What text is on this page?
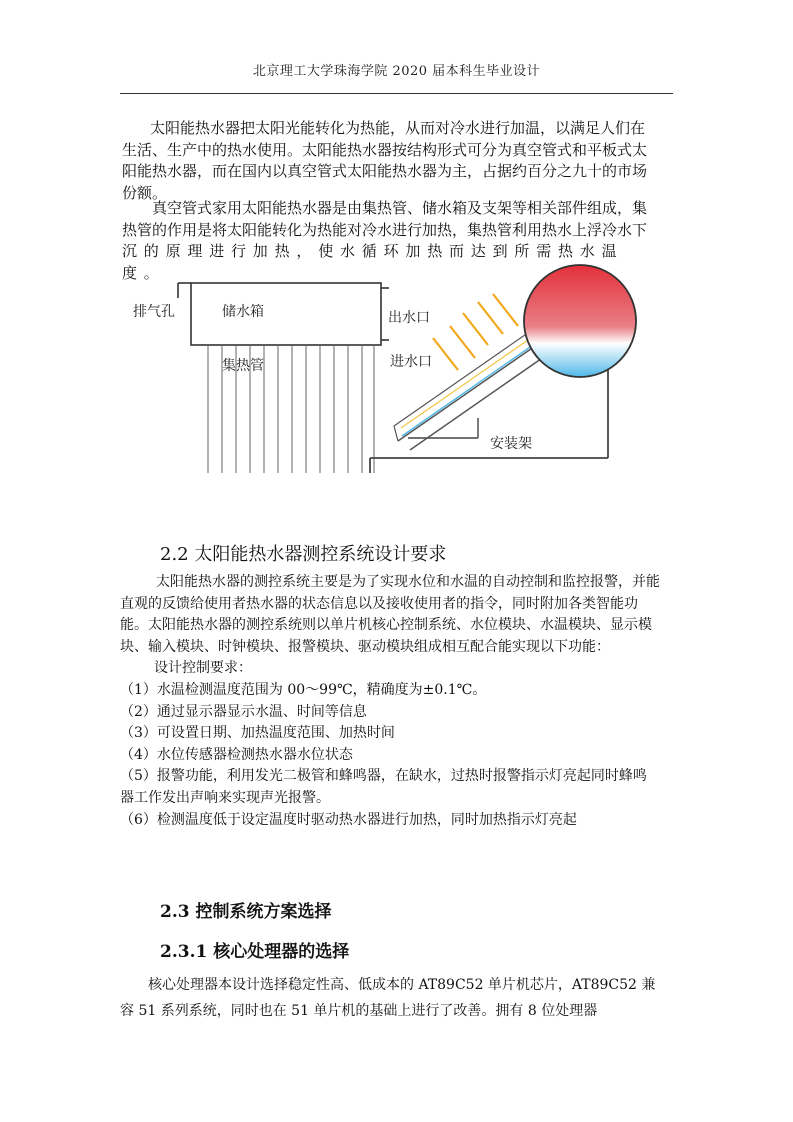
北京理工大学珠海学院 2020 届本科生毕业设计
太阳能热水器把太阳光能转化为热能，从而对冷水进行加温，以满足人们在生活、生产中的热水使用。太阳能热水器按结构形式可分为真空管式和平板式太阳能热水器，而在国内以真空管式太阳能热水器为主，占据约百分之九十的市场份额。
真空管式家用太阳能热水器是由集热管、储水箱及支架等相关部件组成，集热管的作用是将太阳能转化为热能对冷水进行加热，集热管利用热水上浮冷水下
沉的原理进行加热，使水循环加热而达到所需热水温度。
排气孔	储水箱
集热管
出水口
进水口
安装架
2.2 太阳能热水器测控系统设计要求

太阳能热水器的测控系统主要是为了实现水位和水温的自动控制和监控报警，并能直观的反馈给使用者热水器的状态信息以及接收使用者的指令，同时附加各类智能功能。太阳能热水器的测控系统则以单片机核心控制系统、水位模块、水温模块、显示模块、输入模块、时钟模块、报警模块、驱动模块组成相互配合能实现以下功能：

设计控制要求：

（1）水温检测温度范围为 00～99℃，精确度为±0.1℃。

（2）通过显示器显示水温、时间等信息

（3）可设置日期、加热温度范围、加热时间

（4）水位传感器检测热水器水位状态

（5）报警功能，利用发光二极管和蜂鸣器，在缺水，过热时报警指示灯亮起同时蜂鸣器工作发出声响来实现声光报警。

（6）检测温度低于设定温度时驱动热水器进行加热，同时加热指示灯亮起

2.3 控制系统方案选择
2.3.1 核心处理器的选择

核心处理器本设计选择稳定性高、低成本的 AT89C52 单片机芯片，AT89C52 兼容 51 系列系统，同时也在 51 单片机的基础上进行了改善。拥有 8 位处理器
